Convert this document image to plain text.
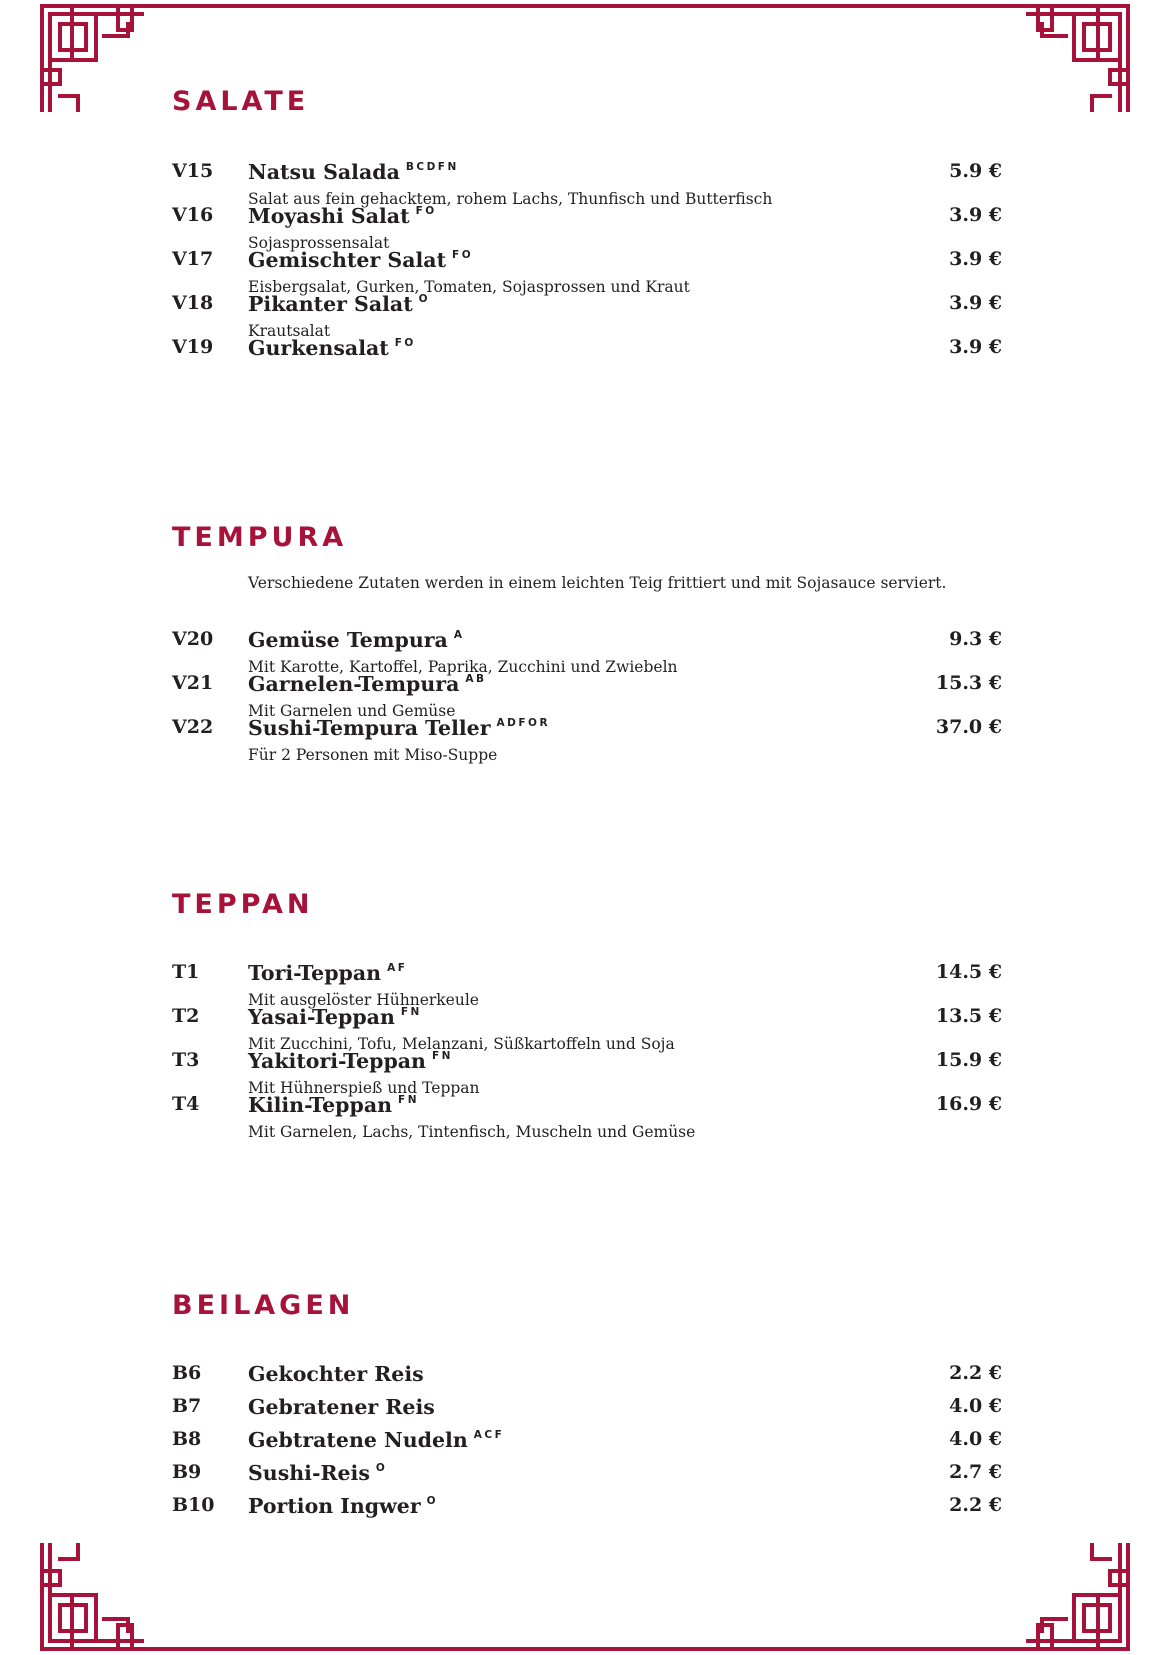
SALATE
V15 Natsu Salada $^{BCDFN}$
Salat aus fein gehacktem, rohem Lachs, Thunfisch und Butterfisch
5.9 €
V16 Moyashi Salat $^{FO}$
Sojasprossensalat
3.9 €
V17 Gemischter Salat $^{FO}$
Eisbergsalat, Gurken, Tomaten, Sojasprossen und Kraut
3.9 €
V18 Pikanter Salat $^O$
Krautsalat
3.9 €
V19 Gurkensalat $^{FO}$	3.9 €
TEMPURA
Verschiedene Zutaten werden in einem leichten Teig frittiert und mit Sojasauce serviert.
V20 Gemüse Tempura $^A$
Mit Karotte, Kartoffel, Paprika, Zucchini und Zwiebeln
9.3 €
V21 Garnelen-Tempura $^{AB}$
Mit Garnelen und Gemüse
15.3 €
V22 Sushi-Tempura Teller $^{ADFOR}$
Für 2 Personen mit Miso-Suppe
37.0 €
TEPPAN
T1 Tori-Teppan $^{AF}$
Mit ausgelöster Hühnerkeule
14.5 €
T2 Yasai-Teppan $^{FN}$
Mit Zucchini, Tofu, Melanzani, Süßkartoffeln und Soja
13.5 €
T3 Yakitori-Teppan $^{FN}$
Mit Hühnerspieß und Teppan
15.9 €
T4 Kilin-Teppan $^{FN}$
Mit Garnelen, Lachs, Tintenfisch, Muscheln und Gemüse
16.9 €
BEILAGEN
B6 Gekochter Reis	2.2 €
B7 Gebratener Reis	4.0 €
B8 Gebtratene Nudeln $^{ACF}$	4.0 €
B9 Sushi-Reis $^O$	2.7 €
B10 Portion Ingwer $^O$	2.2 €
